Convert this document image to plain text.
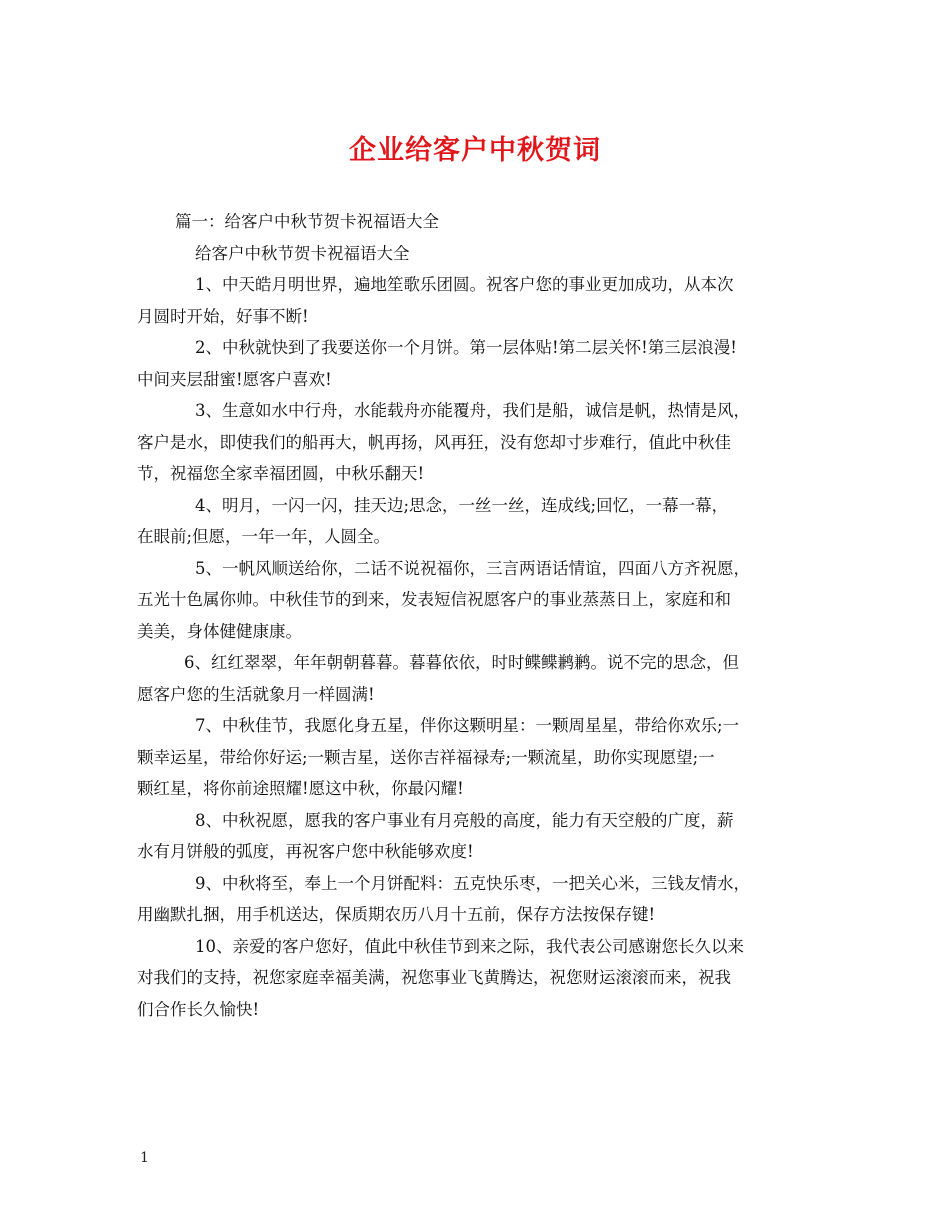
企业给客户中秋贺词
篇一：给客户中秋节贺卡祝福语大全
给客户中秋节贺卡祝福语大全
1、中天皓月明世界，遍地笙歌乐团圆。祝客户您的事业更加成功，从本次
月圆时开始，好事不断!
2、中秋就快到了我要送你一个月饼。第一层体贴!第二层关怀!第三层浪漫!
中间夹层甜蜜!愿客户喜欢!
3、生意如水中行舟，水能载舟亦能覆舟，我们是船，诚信是帆，热情是风，
客户是水，即使我们的船再大，帆再扬，风再狂，没有您却寸步难行，值此中秋佳
节，祝福您全家幸福团圆，中秋乐翻天!
4、明月，一闪一闪，挂天边;思念，一丝一丝，连成线;回忆，一幕一幕，
在眼前;但愿，一年一年，人圆全。
5、一帆风顺送给你，二话不说祝福你，三言两语话情谊，四面八方齐祝愿，
五光十色属你帅。中秋佳节的到来，发表短信祝愿客户的事业蒸蒸日上，家庭和和
美美，身体健健康康。
6、红红翠翠，年年朝朝暮暮。暮暮依依，时时鲽鲽鹣鹣。说不完的思念，但
愿客户您的生活就象月一样圆满!
7、中秋佳节，我愿化身五星，伴你这颗明星：一颗周星星，带给你欢乐;一
颗幸运星，带给你好运;一颗吉星，送你吉祥福禄寿;一颗流星，助你实现愿望;一
颗红星，将你前途照耀!愿这中秋，你最闪耀!
8、中秋祝愿，愿我的客户事业有月亮般的高度，能力有天空般的广度，薪
水有月饼般的弧度，再祝客户您中秋能够欢度!
9、中秋将至，奉上一个月饼配料：五克快乐枣，一把关心米，三钱友情水，
用幽默扎捆，用手机送达，保质期农历八月十五前，保存方法按保存键!
10、亲爱的客户您好，值此中秋佳节到来之际，我代表公司感谢您长久以来
对我们的支持，祝您家庭幸福美满，祝您事业飞黄腾达，祝您财运滚滚而来，祝我
们合作长久愉快!
1
